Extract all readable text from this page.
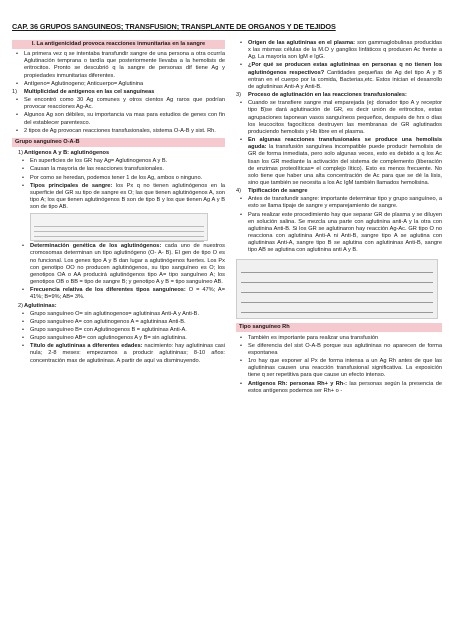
CAP. 36 GRUPOS SANGUINEOS; TRANSFUSION; TRANSPLANTE DE ORGANOS Y DE TEJIDOS
I. La antigenicidad provoca reacciones inmunitarias en la sangre
• La primera vez q se intentaba transfundir sangre de una persona a otra ocurría Aglutinación temprana o tardía que posteriormente llevaba a la hemolisis de eritrocitos. Pronto se descubrió q la sangre de personas dif tiene Ag y propiedades inmunitarias diferentes.
• Antígeno= Aglutinogeno; Anticuerpo= Aglutinina
1) Multiplicidad de antígenos en las cel sanguíneas
• Se encontró como 30 Ag comunes y otros cientos Ag raros que podrían provocar reacciones Ag-Ac.
• Algunos Ag son débiles, su importancia va mas para estudios de genes con fin del establecer parentesco.
• 2 tipos de Ag provocan reacciones transfusionales, sistema O-A-B y sist. Rh.
Grupo sanguíneo O-A-B
1) Antígenos A y B: aglutinógenos
• En superficies de los GR hay Ag= Aglutinogenos A y B.
• Causan la mayoría de las reacciones transfusionales.
• Por como se heredan, podemos tener 1 de los Ag, ambos o ninguno.
• Tipos principales de sangre: los Px q no tienen aglutinógenos en la superficie del GR su tipo de sangre es O; las que tienen aglutinógenos A, son tipo A; los que tienen aglutinógenos B son de tipo B y los que tienen Ag A y B son de tipo AB.

• Determinación genética de los aglutinógenos: cada uno de nuestros cromosomas determinan un tipo aglutinógeno (O- A- B). El gen de tipo O es no funcional. Los genes tipo A y B dan lugar a aglutinógenos fuertes. Los Px con genotipo OO no producen aglutinógenos, su tipo sanguíneo es O; los genotipos OA o AA producirá aglutinógenos tipo A= tipo sanguíneo A; los genotipos OB o BB = tipo de sangre B; y genotipo A y B = tipo sanguíneo AB.
• Frecuencia relativa de los diferentes tipos sanguíneos: O = 47%; A= 41%; B=9%; AB= 3%.
2) Aglutininas:
• Grupo sanguíneo O= sin aglutinogenos= aglutininas Anti-A y Anti-B.
• Grupo sanguíneo A= con aglutinogenos A = aglutininas Anti-B.
• Grupo sanguíneo B= con Aglutinogenos B = aglutininas Anti-A.
• Grupo sanguíneo AB= con aglutinogenos A y B= sin aglutinina.
• Título de aglutininas a diferentes edades: nacimiento: hay aglutininas casi nula; 2-8 meses: empezamos a producir aglutininas; 8-10 años: concentración max de aglutininas. A partir de aquí va disminuyendo.
• Origen de las aglutininas en el plasma: son gammaglobulinas producidas x las mismas células de la M.O y ganglios linfáticos q producen Ac frente a Ag. La mayoría son IgM e IgG.
• ¿Por qué se producen estas aglutininas en personas q no tienen los aglutinógenos respectivos? Cantidades pequeñas de Ag del tipo A y B entran en el cuerpo por la comida, Bacterias,etc. Estos inician el desarrollo de aglutininas Anti-A y Anti-B.
3) Proceso de aglutinación en las reacciones transfusionales:
• Cuando se transfiere sangre mal emparejada (ej: donador tipo A y receptor tipo B)se dará aglutinación de GR, es decir unión de eritrocitos, estas agrupaciones taponean vasos sanguíneos pequeños, después de hrs o días los leucocitos fagocíticos destruyen las membranas de GR aglutinados produciendo hemolisis y Hb libre en el plasma.
• En algunas reacciones transfusionales se produce una hemolisis aguda: la transfusión sanguínea incompatible puede producir hemolisis de GR de forma inmediata, pero solo algunas veces, esto es debido a q los Ac lisan los GR mediante la activación del sistema de complemento (liberación de enzimas proteolíticas= el complejo lítico). Esto es menos frecuente. No solo tiene que haber una alta concentración de Ac para que se dé la lisis, sino que también se necesita a los Ac IgM también llamados hemolisina.
4) Tipificación de sangre
• Antes de transfundir sangre: importante determinar tipo y grupo sanguíneo, a esto se llama tipaje de sangre y emparejamiento de sangre.
• Para realizar este procedimiento hay que separar GR de plasma y se diluyen en solución salina. Se mezcla una parte con aglutinina anti-A y la otra con aglutinina Anti-B. Si los GR se aglutinaron hay reacción Ag-Ac. GR tipo O no reacciona con aglutinina Anti-A ni Anti-B, sangre tipo A se aglutina con aglutininas Anti-A, sangre tipo B se aglutina con aglutininas Anti-B, sangre tipo AB se aglutina con aglutinina anti A y B.
Tipo sanguíneo Rh
• También es importante para realizar una transfusión
• Se diferencia del sist O-A-B porque sus aglutininas no aparecen de forma espontanea
• 1ro hay que exponer al Px de forma intensa a un Ag Rh antes de que las aglutininas causen una reacción transfusional significativa. La exposición tiene q ser repetitiva para que cause un efecto intenso.
• Antígenos Rh: personas Rh+ y Rh-: las personas según la presencia de estos antígenos podemos ser Rh+ o -
